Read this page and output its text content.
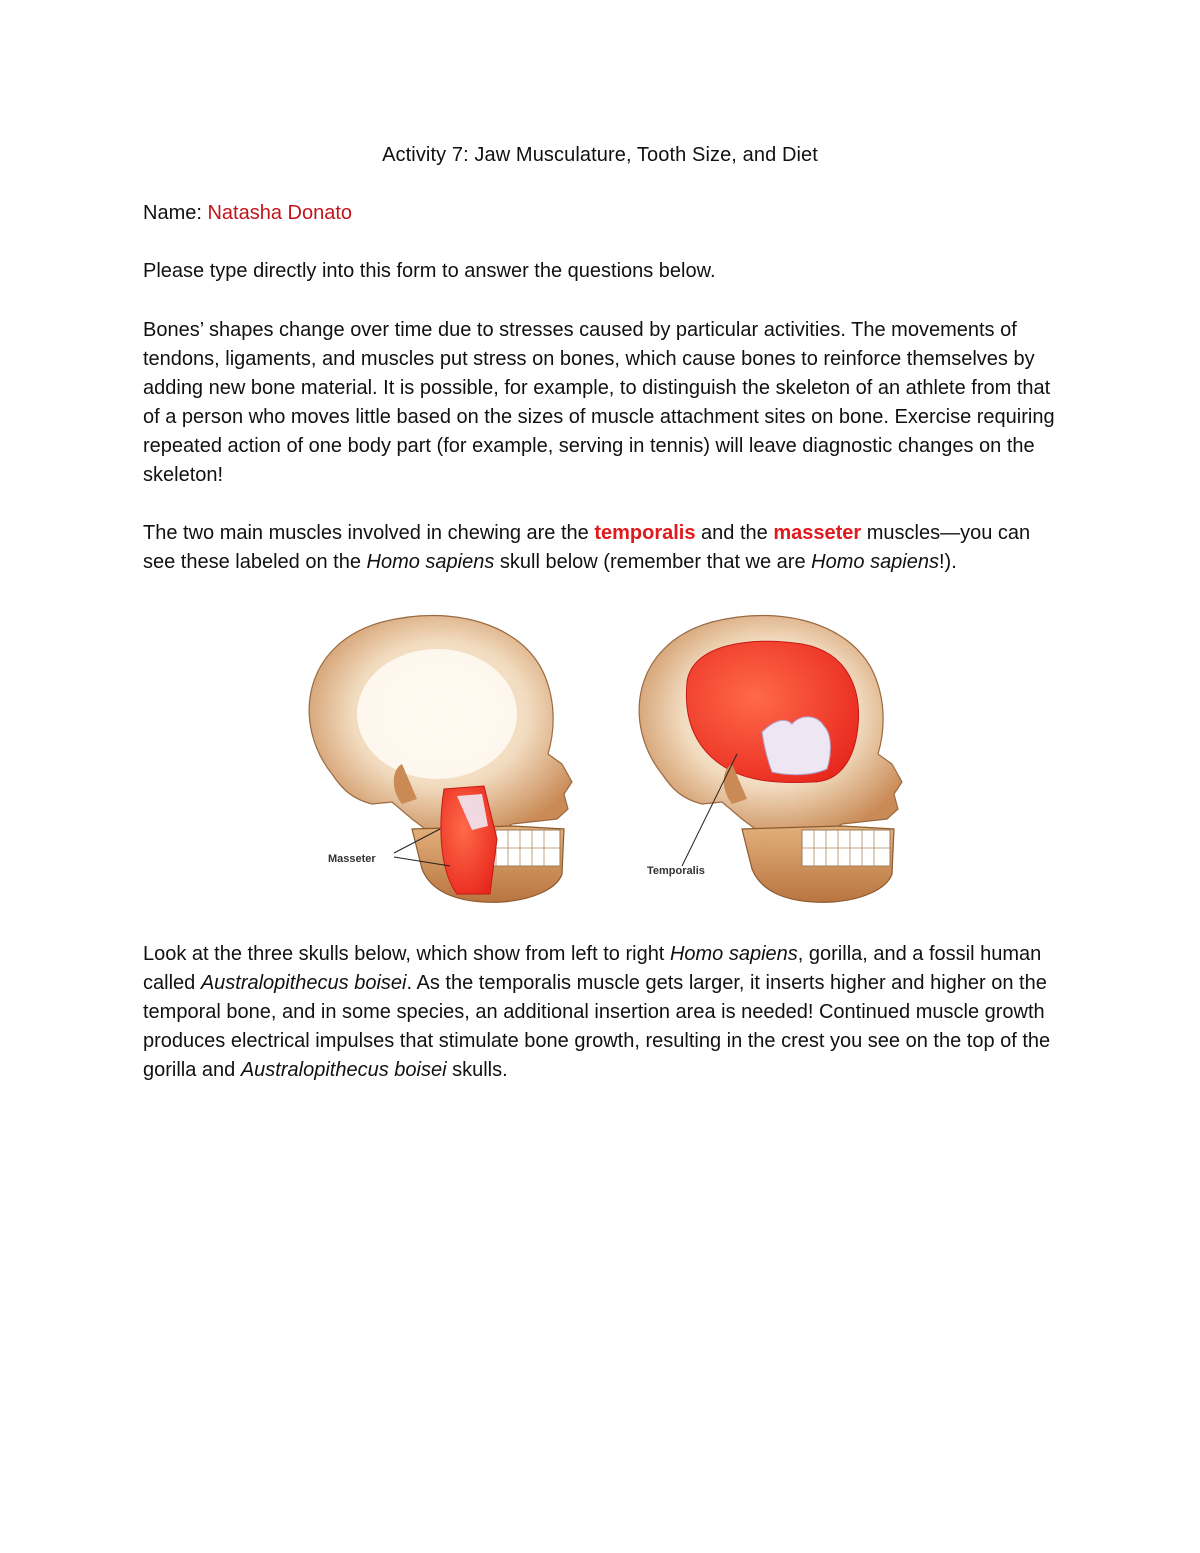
Activity 7: Jaw Musculature, Tooth Size, and Diet

Name: Natasha Donato

Please type directly into this form to answer the questions below.

Bones’ shapes change over time due to stresses caused by particular activities. The movements of tendons, ligaments, and muscles put stress on bones, which cause bones to reinforce themselves by adding new bone material. It is possible, for example, to distinguish the skeleton of an athlete from that of a person who moves little based on the sizes of muscle attachment sites on bone. Exercise requiring repeated action of one body part (for example, serving in tennis) will leave diagnostic changes on the skeleton!

The two main muscles involved in chewing are the temporalis and the masseter muscles—you can see these labeled on the Homo sapiens skull below (remember that we are Homo sapiens!).

Masseter
Temporalis

Look at the three skulls below, which show from left to right Homo sapiens, gorilla, and a fossil human called Australopithecus boisei. As the temporalis muscle gets larger, it inserts higher and higher on the temporal bone, and in some species, an additional insertion area is needed! Continued muscle growth produces electrical impulses that stimulate bone growth, resulting in the crest you see on the top of the gorilla and Australopithecus boisei skulls.
